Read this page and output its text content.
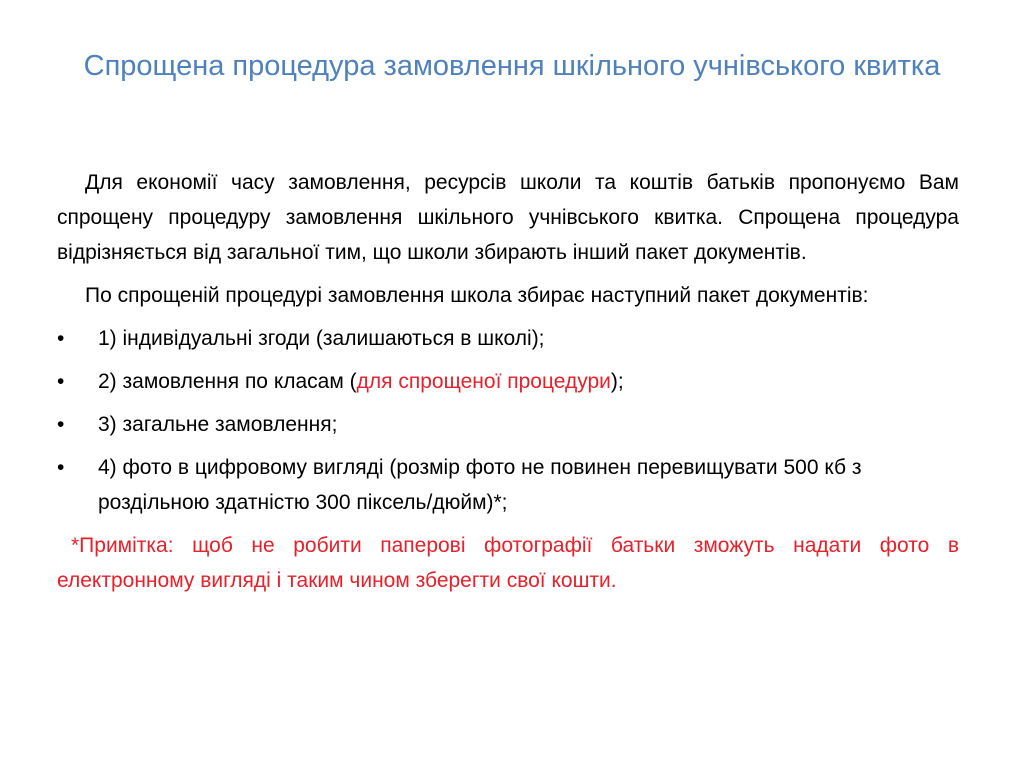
Спрощена процедура замовлення шкільного учнівського квитка

Для економії часу замовлення, ресурсів школи та коштів батьків пропонуємо Вам спрощену процедуру замовлення шкільного учнівського квитка. Спрощена процедура відрізняється від загальної тим, що школи збирають інший пакет документів.

По спрощеній процедурі замовлення школа збирає наступний пакет документів:

•	1) індивідуальні згоди (залишаються в школі);
•	2) замовлення по класам (для спрощеної процедури);
•	3) загальне замовлення;
•	4) фото в цифровому вигляді (розмір фото не повинен перевищувати 500 кб з роздільною здатністю 300 піксель/дюйм)*;

*Примітка: щоб не робити паперові фотографії батьки зможуть надати фото в електронному вигляді і таким чином зберегти свої кошти.
